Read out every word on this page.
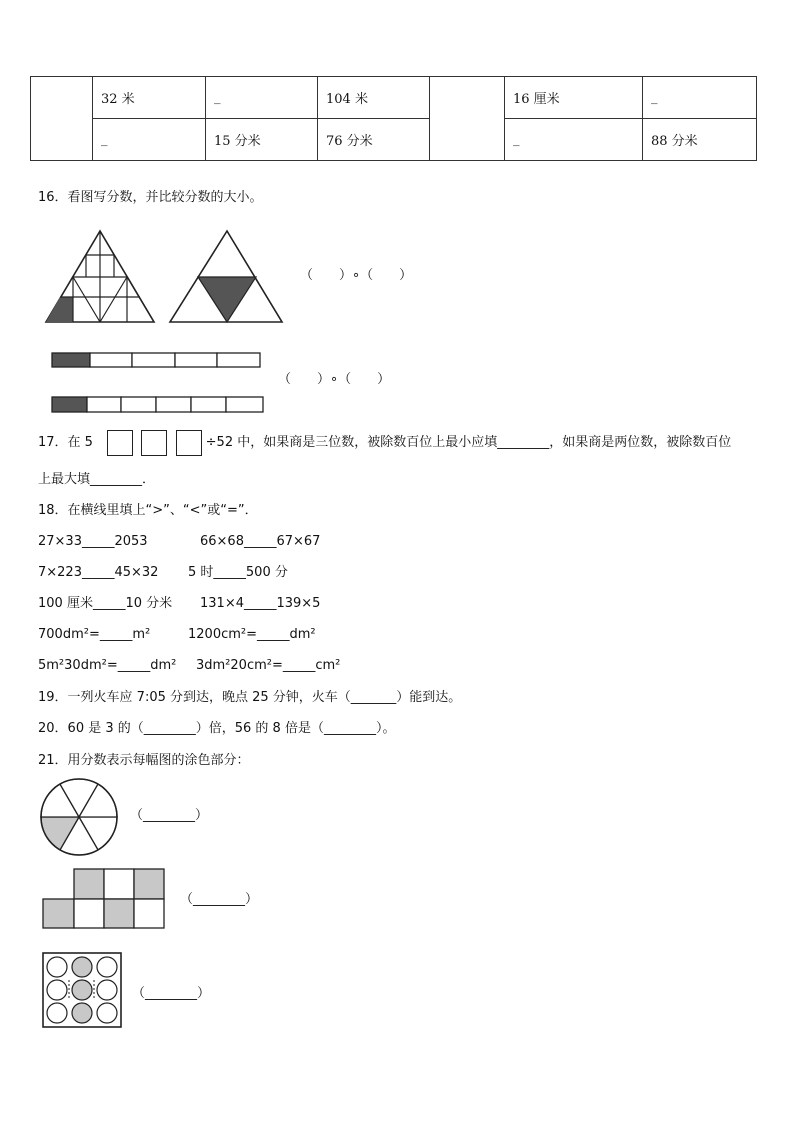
	32 米	_	104 米		16 厘米	_
	_	15 分米	76 分米		_	88 分米
16．看图写分数，并比较分数的大小。
（　　）∘（　　）
（　　）∘（　　）
17．在 5	÷52 中，如果商是三位数，被除数百位上最小应填________，如果商是两位数，被除数百位
上最大填________．
18．在横线里填上“>”、“<”或“=”．
27×33_____2053	66×68_____67×67
7×223_____45×32 5 时_____500 分
100 厘米_____10 分米 131×4_____139×5
700dm²=_____m²	1200cm²=_____dm²
5m²30dm²=_____dm² 3dm²20cm²=_____cm²
19．一列火车应 7:05 分到达，晚点 25 分钟，火车（_______）能到达。
20．60 是 3 的（________）倍，56 的 8 倍是（________）。
21．用分数表示每幅图的涂色部分：
（________）
（________）
（________）
